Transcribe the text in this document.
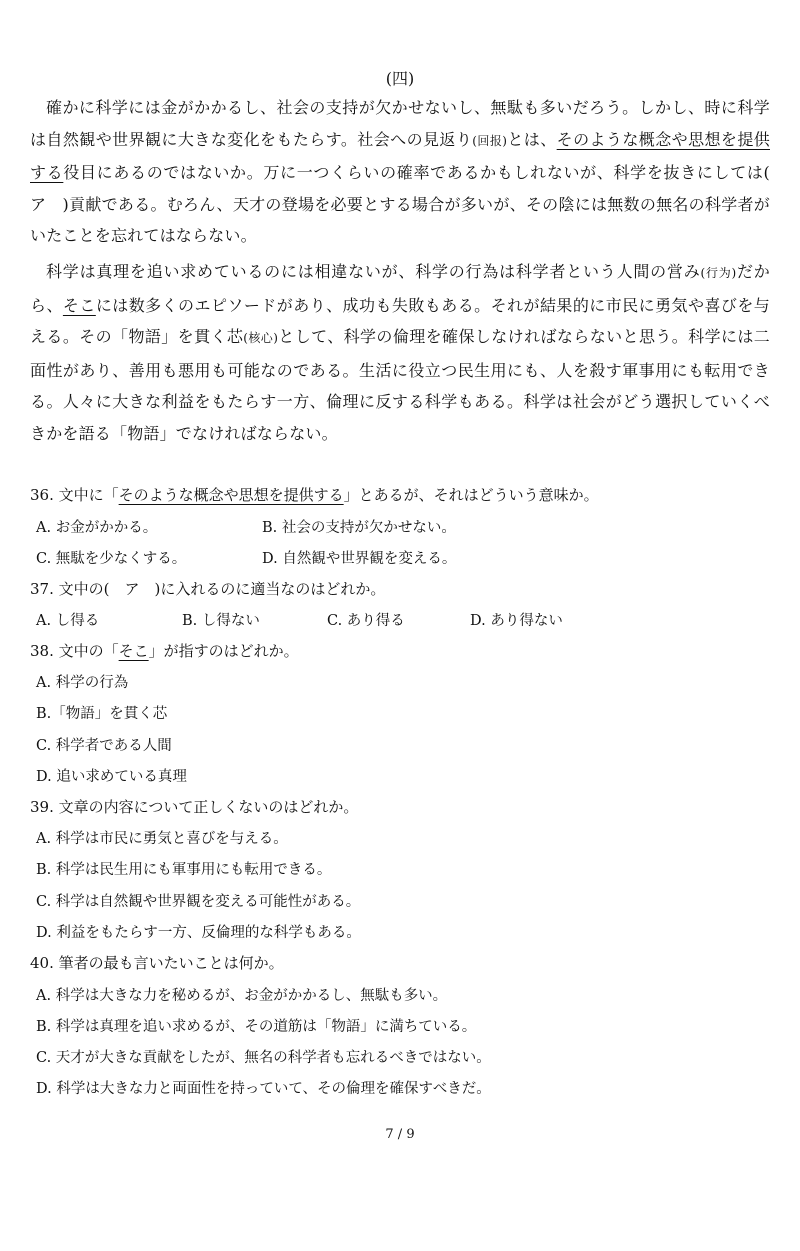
(四)
確かに科学には金がかかるし、社会の支持が欠かせないし、無駄も多いだろう。しかし、時に科学は自然観や世界観に大きな変化をもたらす。社会への見返り(回报)とは、そのような概念や思想を提供する役目にあるのではないか。万に一つくらいの確率であるかもしれないが、科学を抜きにしては(　ア　)貢献である。むろん、天才の登場を必要とする場合が多いが、その陰には無数の無名の科学者がいたことを忘れてはならない。
科学は真理を追い求めているのには相違ないが、科学の行為は科学者という人間の営み(行为)だから、そこには数多くのエピソードがあり、成功も失敗もある。それが結果的に市民に勇気や喜びを与える。その「物語」を貫く芯(核心)として、科学の倫理を確保しなければならないと思う。科学には二面性があり、善用も悪用も可能なのである。生活に役立つ民生用にも、人を殺す軍事用にも転用できる。人々に大きな利益をもたらす一方、倫理に反する科学もある。科学は社会がどう選択していくべきかを語る「物語」でなければならない。
36. 文中に「そのような概念や思想を提供する」とあるが、それはどういう意味か。
A. お金がかかる。	B. 社会の支持が欠かせない。
C. 無駄を少なくする。	D. 自然観や世界観を変える。
37. 文中の(　ア　)に入れるのに適当なのはどれか。
A. し得る	B. し得ない	C. あり得る	D. あり得ない
38. 文中の「そこ」が指すのはどれか。
A. 科学の行為
B.「物語」を貫く芯
C. 科学者である人間
D. 追い求めている真理
39. 文章の内容について正しくないのはどれか。
A. 科学は市民に勇気と喜びを与える。
B. 科学は民生用にも軍事用にも転用できる。
C. 科学は自然観や世界観を変える可能性がある。
D. 利益をもたらす一方、反倫理的な科学もある。
40. 筆者の最も言いたいことは何か。
A. 科学は大きな力を秘めるが、お金がかかるし、無駄も多い。
B. 科学は真理を追い求めるが、その道筋は「物語」に満ちている。
C. 天才が大きな貢献をしたが、無名の科学者も忘れるべきではない。
D. 科学は大きな力と両面性を持っていて、その倫理を確保すべきだ。
7 / 9
